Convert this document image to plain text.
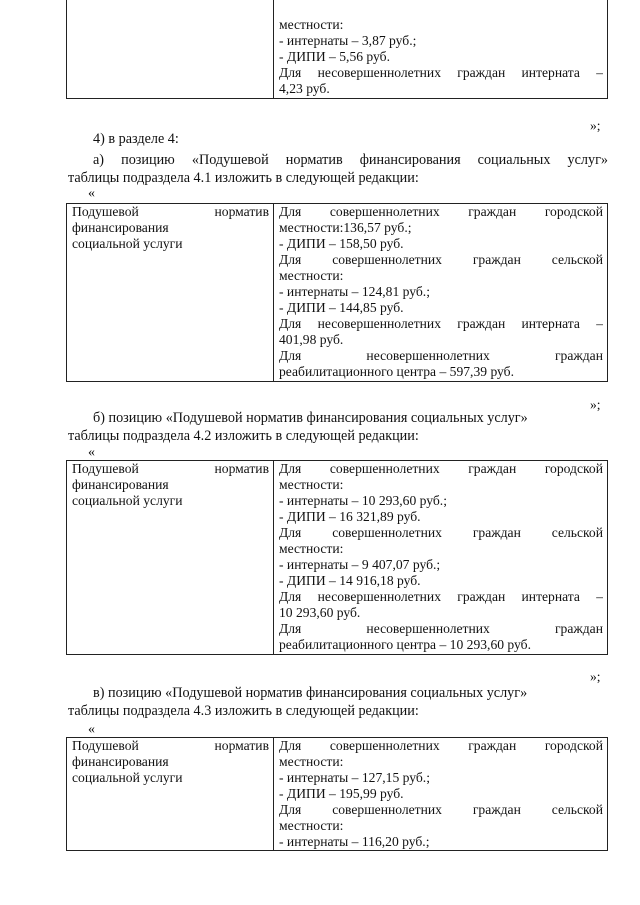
местности:
- интернаты – 3,87 руб.;
- ДИПИ – 5,56 руб.
Для несовершеннолетних граждан интерната –
4,23 руб.
»;
4) в разделе 4:
а) позицию «Подушевой норматив финансирования социальных услуг»
таблицы подраздела 4.1 изложить в следующей редакции:
«
Подушевой норматив
финансирования
социальной услуги

Для совершеннолетних граждан городской
местности:136,57 руб.;
- ДИПИ – 158,50 руб.
Для совершеннолетних граждан сельской
местности:
- интернаты – 124,81 руб.;
- ДИПИ – 144,85 руб.
Для несовершеннолетних граждан интерната –
401,98 руб.
Для несовершеннолетних граждан
реабилитационного центра – 597,39 руб.
»;
б) позицию «Подушевой норматив финансирования социальных услуг»
таблицы подраздела 4.2 изложить в следующей редакции:
«
Подушевой норматив
финансирования
социальной услуги

Для совершеннолетних граждан городской
местности:
- интернаты – 10 293,60 руб.;
- ДИПИ – 16 321,89 руб.
Для совершеннолетних граждан сельской
местности:
- интернаты – 9 407,07 руб.;
- ДИПИ – 14 916,18 руб.
Для несовершеннолетних граждан интерната –
10 293,60 руб.
Для несовершеннолетних граждан
реабилитационного центра – 10 293,60 руб.
»;
в) позицию «Подушевой норматив финансирования социальных услуг»
таблицы подраздела 4.3 изложить в следующей редакции:
«
Подушевой норматив
финансирования
социальной услуги

Для совершеннолетних граждан городской
местности:
- интернаты – 127,15 руб.;
- ДИПИ – 195,99 руб.
Для совершеннолетних граждан сельской
местности:
- интернаты – 116,20 руб.;
